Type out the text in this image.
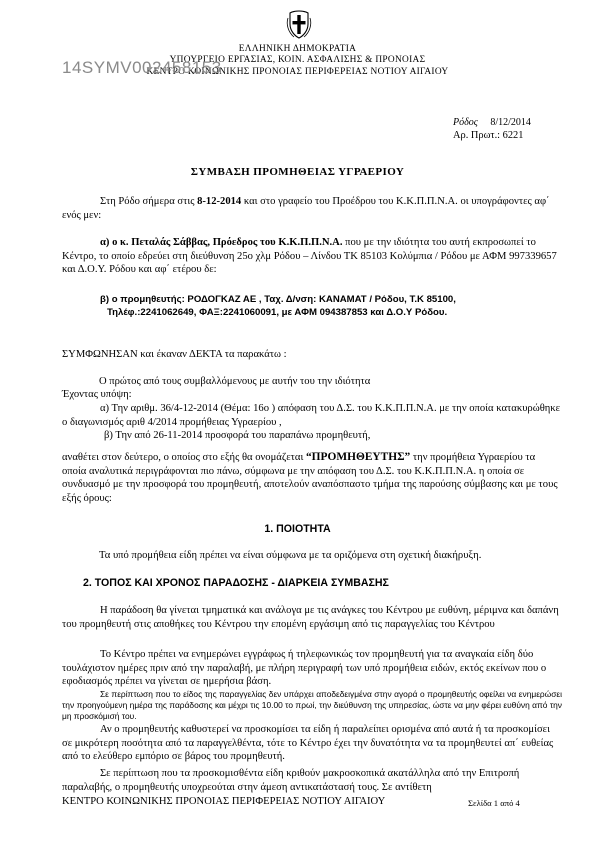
14SYMV002458153
ΕΛΛΗΝΙΚΗ ΔΗΜΟΚΡΑΤΙΑ
ΥΠΟΥΡΓΕΙΟ ΕΡΓΑΣΙΑΣ, ΚΟΙΝ. ΑΣΦΑΛΙΣΗΣ & ΠΡΟΝΟΙΑΣ
ΚΕΝΤΡΟ ΚΟΙΝΩΝΙΚΗΣ ΠΡΟΝΟΙΑΣ ΠΕΡΙΦΕΡΕΙΑΣ ΝΟΤΙΟΥ ΑΙΓΑΙΟΥ
Ρόδος 8/12/2014
Αρ. Πρωτ.: 6221
ΣΥΜΒΑΣΗ ΠΡΟΜΗΘΕΙΑΣ ΥΓΡΑΕΡΙΟΥ
Στη Ρόδο σήμερα στις 8-12-2014 και στο γραφείο του Προέδρου του Κ.Κ.Π.Π.Ν.Α. οι υπογράφοντες αφ΄ ενός μεν:
α) ο κ. Πεταλάς Σάββας, Πρόεδρος του Κ.Κ.Π.Π.Ν.Α. που με την ιδιότητα του αυτή εκπροσωπεί το Κέντρο, το οποίο εδρεύει στη διεύθυνση 25ο χλμ Ρόδου – Λίνδου ΤΚ 85103 Κολύμπια / Ρόδου με ΑΦΜ 997339657 και Δ.Ο.Υ. Ρόδου και αφ΄ ετέρου δε:
β) ο προμηθευτής: ΡΟΔΟΓΚΑΖ ΑΕ , Ταχ. Δ/νση: ΚΑΝΑΜΑΤ / Ρόδου, Τ.Κ 85100,
Τηλέφ.:2241062649, ΦΑΞ:2241060091, με ΑΦΜ 094387853 και Δ.Ο.Υ Ρόδου.
ΣΥΜΦΩΝΗΣΑΝ και έκαναν ΔΕΚΤΑ τα παρακάτω :
Ο πρώτος από τους συμβαλλόμενους με αυτήν του την ιδιότητα
Έχοντας υπόψη:
α) Την αριθμ. 36/4-12-2014 (Θέμα: 16ο ) απόφαση του Δ.Σ. του Κ.Κ.Π.Π.Ν.Α. με την οποία κατακυρώθηκε ο διαγωνισμός αριθ 4/2014 προμήθειας Υγραερίου ,
β) Την από 26-11-2014 προσφορά του παραπάνω προμηθευτή,
αναθέτει στον δεύτερο, ο οποίος στο εξής θα ονομάζεται “ΠΡΟΜΗΘΕΥΤΗΣ” την προμήθεια Υγραερίου τα οποία αναλυτικά περιγράφονται πιο πάνω, σύμφωνα με την απόφαση του Δ.Σ. του Κ.Κ.Π.Π.Ν.Α. η οποία σε συνδυασμό με την προσφορά του προμηθευτή, αποτελούν αναπόσπαστο τμήμα της παρούσης σύμβασης και με τους εξής όρους:
1. ΠΟΙΟΤΗΤΑ
Τα υπό προμήθεια είδη πρέπει να είναι σύμφωνα με τα οριζόμενα στη σχετική διακήρυξη.
2. ΤΟΠΟΣ ΚΑΙ ΧΡΟΝΟΣ ΠΑΡΑΔΟΣΗΣ - ΔΙΑΡΚΕΙΑ ΣΥΜΒΑΣΗΣ
Η παράδοση θα γίνεται τμηματικά και ανάλογα με τις ανάγκες του Κέντρου με ευθύνη, μέριμνα και δαπάνη του προμηθευτή στις αποθήκες του Κέντρου την επομένη εργάσιμη από τις παραγγελίας του Κέντρου
Το Κέντρο πρέπει να ενημερώνει εγγράφως ή τηλεφωνικώς τον προμηθευτή για τα αναγκαία είδη δύο τουλάχιστον ημέρες πριν από την παραλαβή, με πλήρη περιγραφή των υπό προμήθεια ειδών, εκτός εκείνων που ο εφοδιασμός πρέπει να γίνεται σε ημερήσια βάση.
Σε περίπτωση που το είδος της παραγγελίας δεν υπάρχει αποδεδειγμένα στην αγορά ο προμηθευτής οφείλει να ενημερώσει την προηγούμενη ημέρα της παράδοσης και μέχρι τις 10.00 το πρωί, την διεύθυνση της υπηρεσίας, ώστε να μην φέρει ευθύνη από την μη προσκόμισή του.
Αν ο προμηθευτής καθυστερεί να προσκομίσει τα είδη ή παραλείπει ορισμένα από αυτά ή τα προσκομίσει σε μικρότερη ποσότητα από τα παραγγελθέντα, τότε το Κέντρο έχει την δυνατότητα να τα προμηθευτεί απ΄ ευθείας από το ελεύθερο εμπόριο σε βάρος του προμηθευτή.
Σε περίπτωση που τα προσκομισθέντα είδη κριθούν μακροσκοπικά ακατάλληλα από την Επιτροπή παραλαβής, ο προμηθευτής υποχρεούται στην άμεση αντικατάστασή τους. Σε αντίθετη
ΚΕΝΤΡΟ ΚΟΙΝΩΝΙΚΗΣ ΠΡΟΝΟΙΑΣ ΠΕΡΙΦΕΡΕΙΑΣ ΝΟΤΙΟΥ ΑΙΓΑΙΟΥ	Σελίδα 1 από 4
